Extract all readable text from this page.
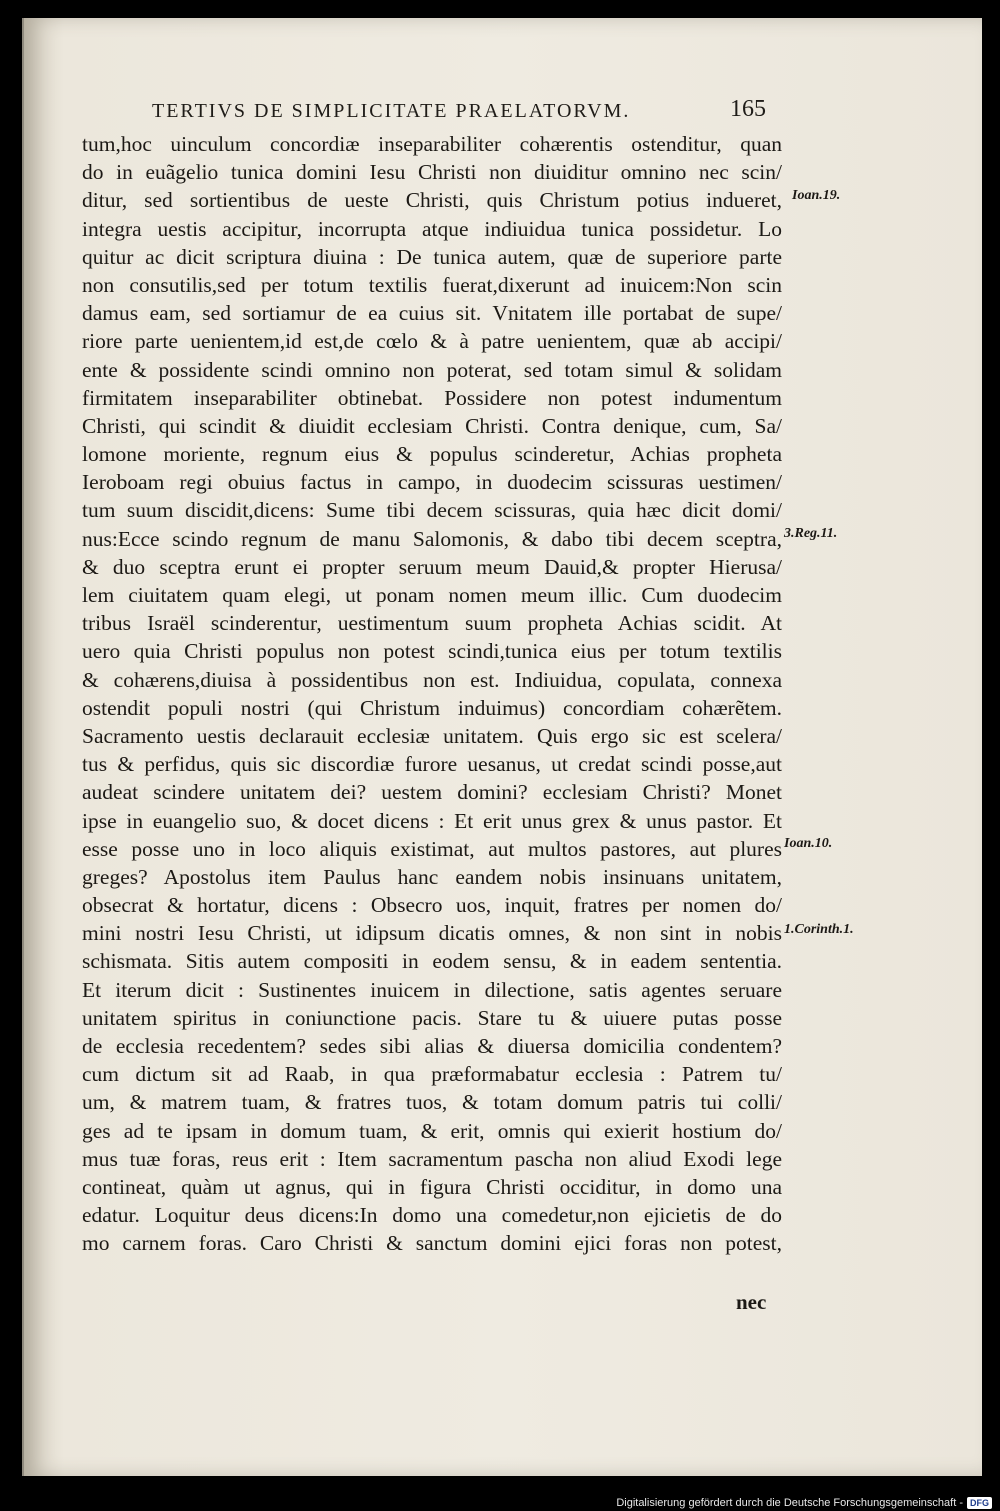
TERTIVS DE SIMPLICITATE PRAELATORVM.	165
tum,hoc uinculum concordiæ inseparabiliter cohærentis ostenditur, quan
do in euãgelio tunica domini Iesu Christi non diuiditur omnino nec scin/
ditur, sed sortientibus de ueste Christi, quis Christum potius indueret,
integra uestis accipitur, incorrupta atque indiuidua tunica possidetur. Lo
quitur ac dicit scriptura diuina : De tunica autem, quæ de superiore parte
non consutilis,sed per totum textilis fuerat,dixerunt ad inuicem:Non scin
damus eam, sed sortiamur de ea cuius sit. Vnitatem ille portabat de supe/
riore parte uenientem,id est,de cœlo & à patre uenientem, quæ ab accipi/
ente & possidente scindi omnino non poterat, sed totam simul & solidam
firmitatem inseparabiliter obtinebat. Possidere non potest indumentum
Christi, qui scindit & diuidit ecclesiam Christi. Contra denique, cum, Sa/
lomone moriente, regnum eius & populus scinderetur, Achias propheta
Ieroboam regi obuius factus in campo, in duodecim scissuras uestimen/
tum suum discidit,dicens: Sume tibi decem scissuras, quia hæc dicit domi/
nus:Ecce scindo regnum de manu Salomonis, & dabo tibi decem sceptra,
& duo sceptra erunt ei propter seruum meum Dauid,& propter Hierusa/
lem ciuitatem quam elegi, ut ponam nomen meum illic. Cum duodecim
tribus Israël scinderentur, uestimentum suum propheta Achias scidit. At
uero quia Christi populus non potest scindi,tunica eius per totum textilis
& cohærens,diuisa à possidentibus non est. Indiuidua, copulata, connexa
ostendit populi nostri (qui Christum induimus) concordiam cohærẽtem.
Sacramento uestis declarauit ecclesiæ unitatem. Quis ergo sic est scelera/
tus & perfidus, quis sic discordiæ furore uesanus, ut credat scindi posse,aut
audeat scindere unitatem dei? uestem domini? ecclesiam Christi? Monet
ipse in euangelio suo, & docet dicens : Et erit unus grex & unus pastor. Et
esse posse uno in loco aliquis existimat, aut multos pastores, aut plures
greges? Apostolus item Paulus hanc eandem nobis insinuans unitatem,
obsecrat & hortatur, dicens : Obsecro uos, inquit, fratres per nomen do/
mini nostri Iesu Christi, ut idipsum dicatis omnes, & non sint in nobis
schismata. Sitis autem compositi in eodem sensu, & in eadem sententia.
Et iterum dicit : Sustinentes inuicem in dilectione, satis agentes seruare
unitatem spiritus in coniunctione pacis. Stare tu & uiuere putas posse
de ecclesia recedentem? sedes sibi alias & diuersa domicilia condentem?
cum dictum sit ad Raab, in qua præformabatur ecclesia : Patrem tu/
um, & matrem tuam, & fratres tuos, & totam domum patris tui colli/
ges ad te ipsam in domum tuam, & erit, omnis qui exierit hostium do/
mus tuæ foras, reus erit : Item sacramentum pascha non aliud Exodi lege
contineat, quàm ut agnus, qui in figura Christi occiditur, in domo una
edatur. Loquitur deus dicens:In domo una comedetur,non ejicietis de do
mo carnem foras. Caro Christi & sanctum domini ejici foras non potest,
nec
Ioan.19.
3.Reg.11.
Ioan.10.
1.Corinth.1.
Digitalisierung gefördert durch die Deutsche Forschungsgemeinschaft - DFG
